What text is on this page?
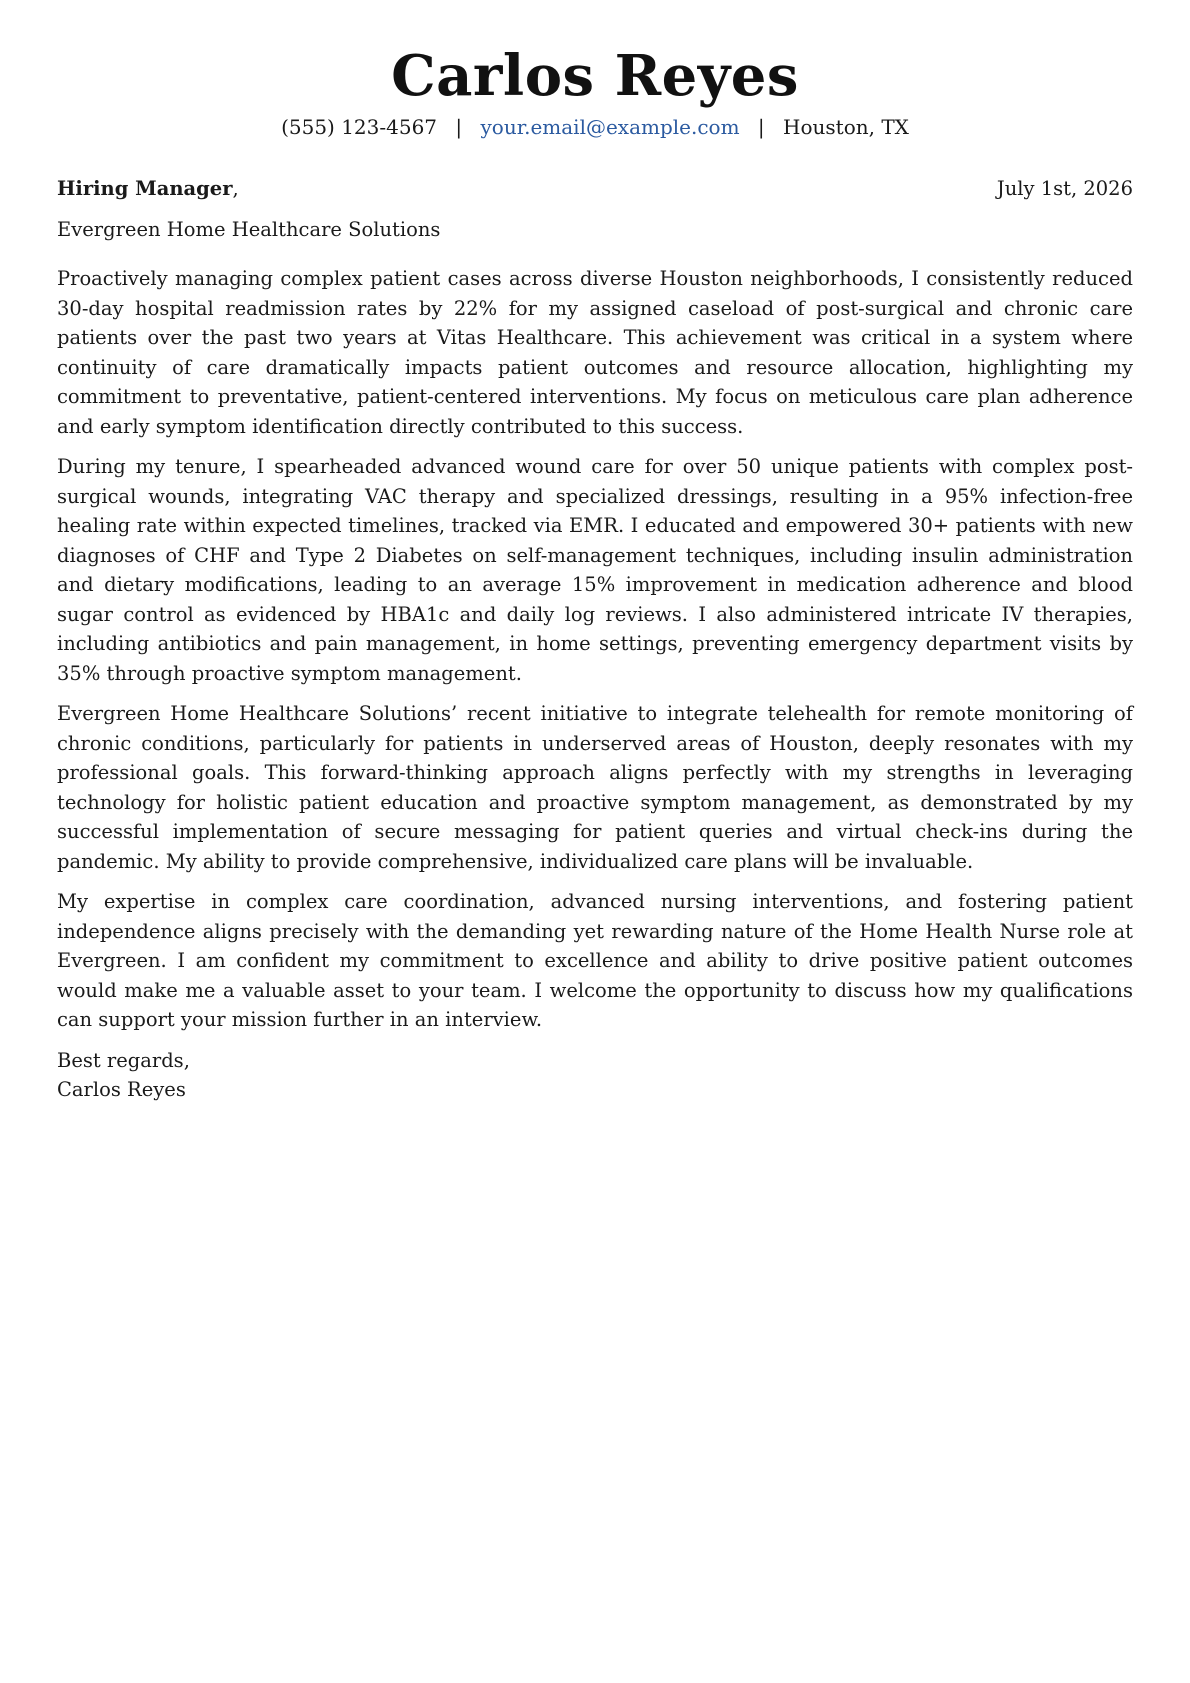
Carlos Reyes
(555) 123-4567 | your.email@example.com | Houston, TX
Hiring Manager,	July 1st, 2026
Evergreen Home Healthcare Solutions

Proactively managing complex patient cases across diverse Houston neighborhoods, I consistently reduced 30-day hospital readmission rates by 22% for my assigned caseload of post-surgical and chronic care patients over the past two years at Vitas Healthcare. This achievement was critical in a system where continuity of care dramatically impacts patient outcomes and resource allocation, highlighting my commitment to preventative, patient-centered interventions. My focus on meticulous care plan adherence and early symptom identification directly contributed to this success.

During my tenure, I spearheaded advanced wound care for over 50 unique patients with complex post-surgical wounds, integrating VAC therapy and specialized dressings, resulting in a 95% infection-free healing rate within expected timelines, tracked via EMR. I educated and empowered 30+ patients with new diagnoses of CHF and Type 2 Diabetes on self-management techniques, including insulin administration and dietary modifications, leading to an average 15% improvement in medication adherence and blood sugar control as evidenced by HBA1c and daily log reviews. I also administered intricate IV therapies, including antibiotics and pain management, in home settings, preventing emergency department visits by 35% through proactive symptom management.

Evergreen Home Healthcare Solutions’ recent initiative to integrate telehealth for remote monitoring of chronic conditions, particularly for patients in underserved areas of Houston, deeply resonates with my professional goals. This forward-thinking approach aligns perfectly with my strengths in leveraging technology for holistic patient education and proactive symptom management, as demonstrated by my successful implementation of secure messaging for patient queries and virtual check-ins during the pandemic. My ability to provide comprehensive, individualized care plans will be invaluable.

My expertise in complex care coordination, advanced nursing interventions, and fostering patient independence aligns precisely with the demanding yet rewarding nature of the Home Health Nurse role at Evergreen. I am confident my commitment to excellence and ability to drive positive patient outcomes would make me a valuable asset to your team. I welcome the opportunity to discuss how my qualifications can support your mission further in an interview.

Best regards,
Carlos Reyes
